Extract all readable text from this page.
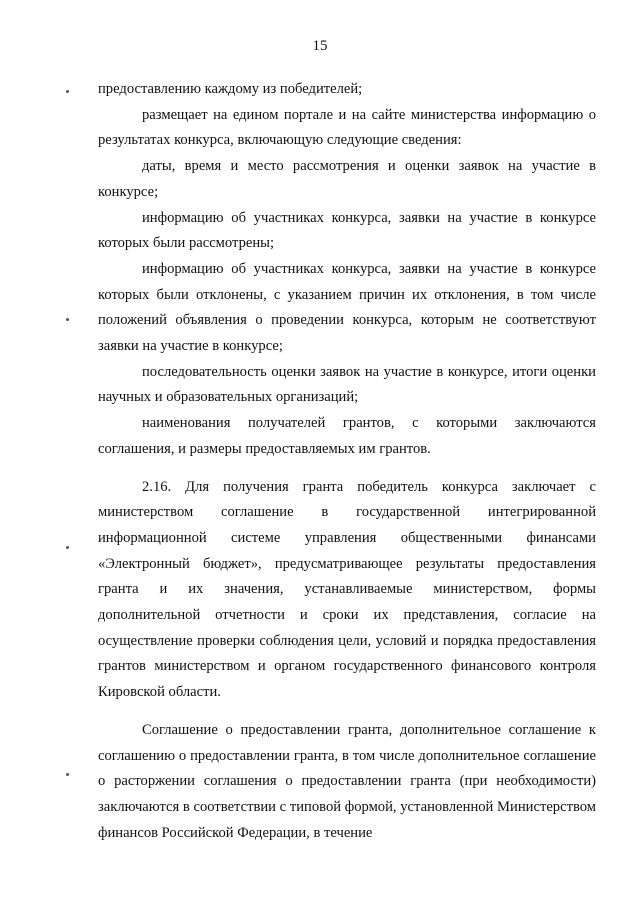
15

предоставлению каждому из победителей;

размещает на едином портале и на сайте министерства информацию о результатах конкурса, включающую следующие сведения:

даты, время и место рассмотрения и оценки заявок на участие в конкурсе;

информацию об участниках конкурса, заявки на участие в конкурсе которых были рассмотрены;

информацию об участниках конкурса, заявки на участие в конкурсе которых были отклонены, с указанием причин их отклонения, в том числе положений объявления о проведении конкурса, которым не соответствуют заявки на участие в конкурсе;

последовательность оценки заявок на участие в конкурсе, итоги оценки научных и образовательных организаций;

наименования получателей грантов, с которыми заключаются соглашения, и размеры предоставляемых им грантов.

2.16. Для получения гранта победитель конкурса заключает с министерством соглашение в государственной интегрированной информационной системе управления общественными финансами «Электронный бюджет», предусматривающее результаты предоставления гранта и их значения, устанавливаемые министерством, формы дополнительной отчетности и сроки их представления, согласие на осуществление проверки соблюдения цели, условий и порядка предоставления грантов министерством и органом государственного финансового контроля Кировской области.

Соглашение о предоставлении гранта, дополнительное соглашение к соглашению о предоставлении гранта, в том числе дополнительное соглашение о расторжении соглашения о предоставлении гранта (при необходимости) заключаются в соответствии с типовой формой, установленной Министерством финансов Российской Федерации, в течение
